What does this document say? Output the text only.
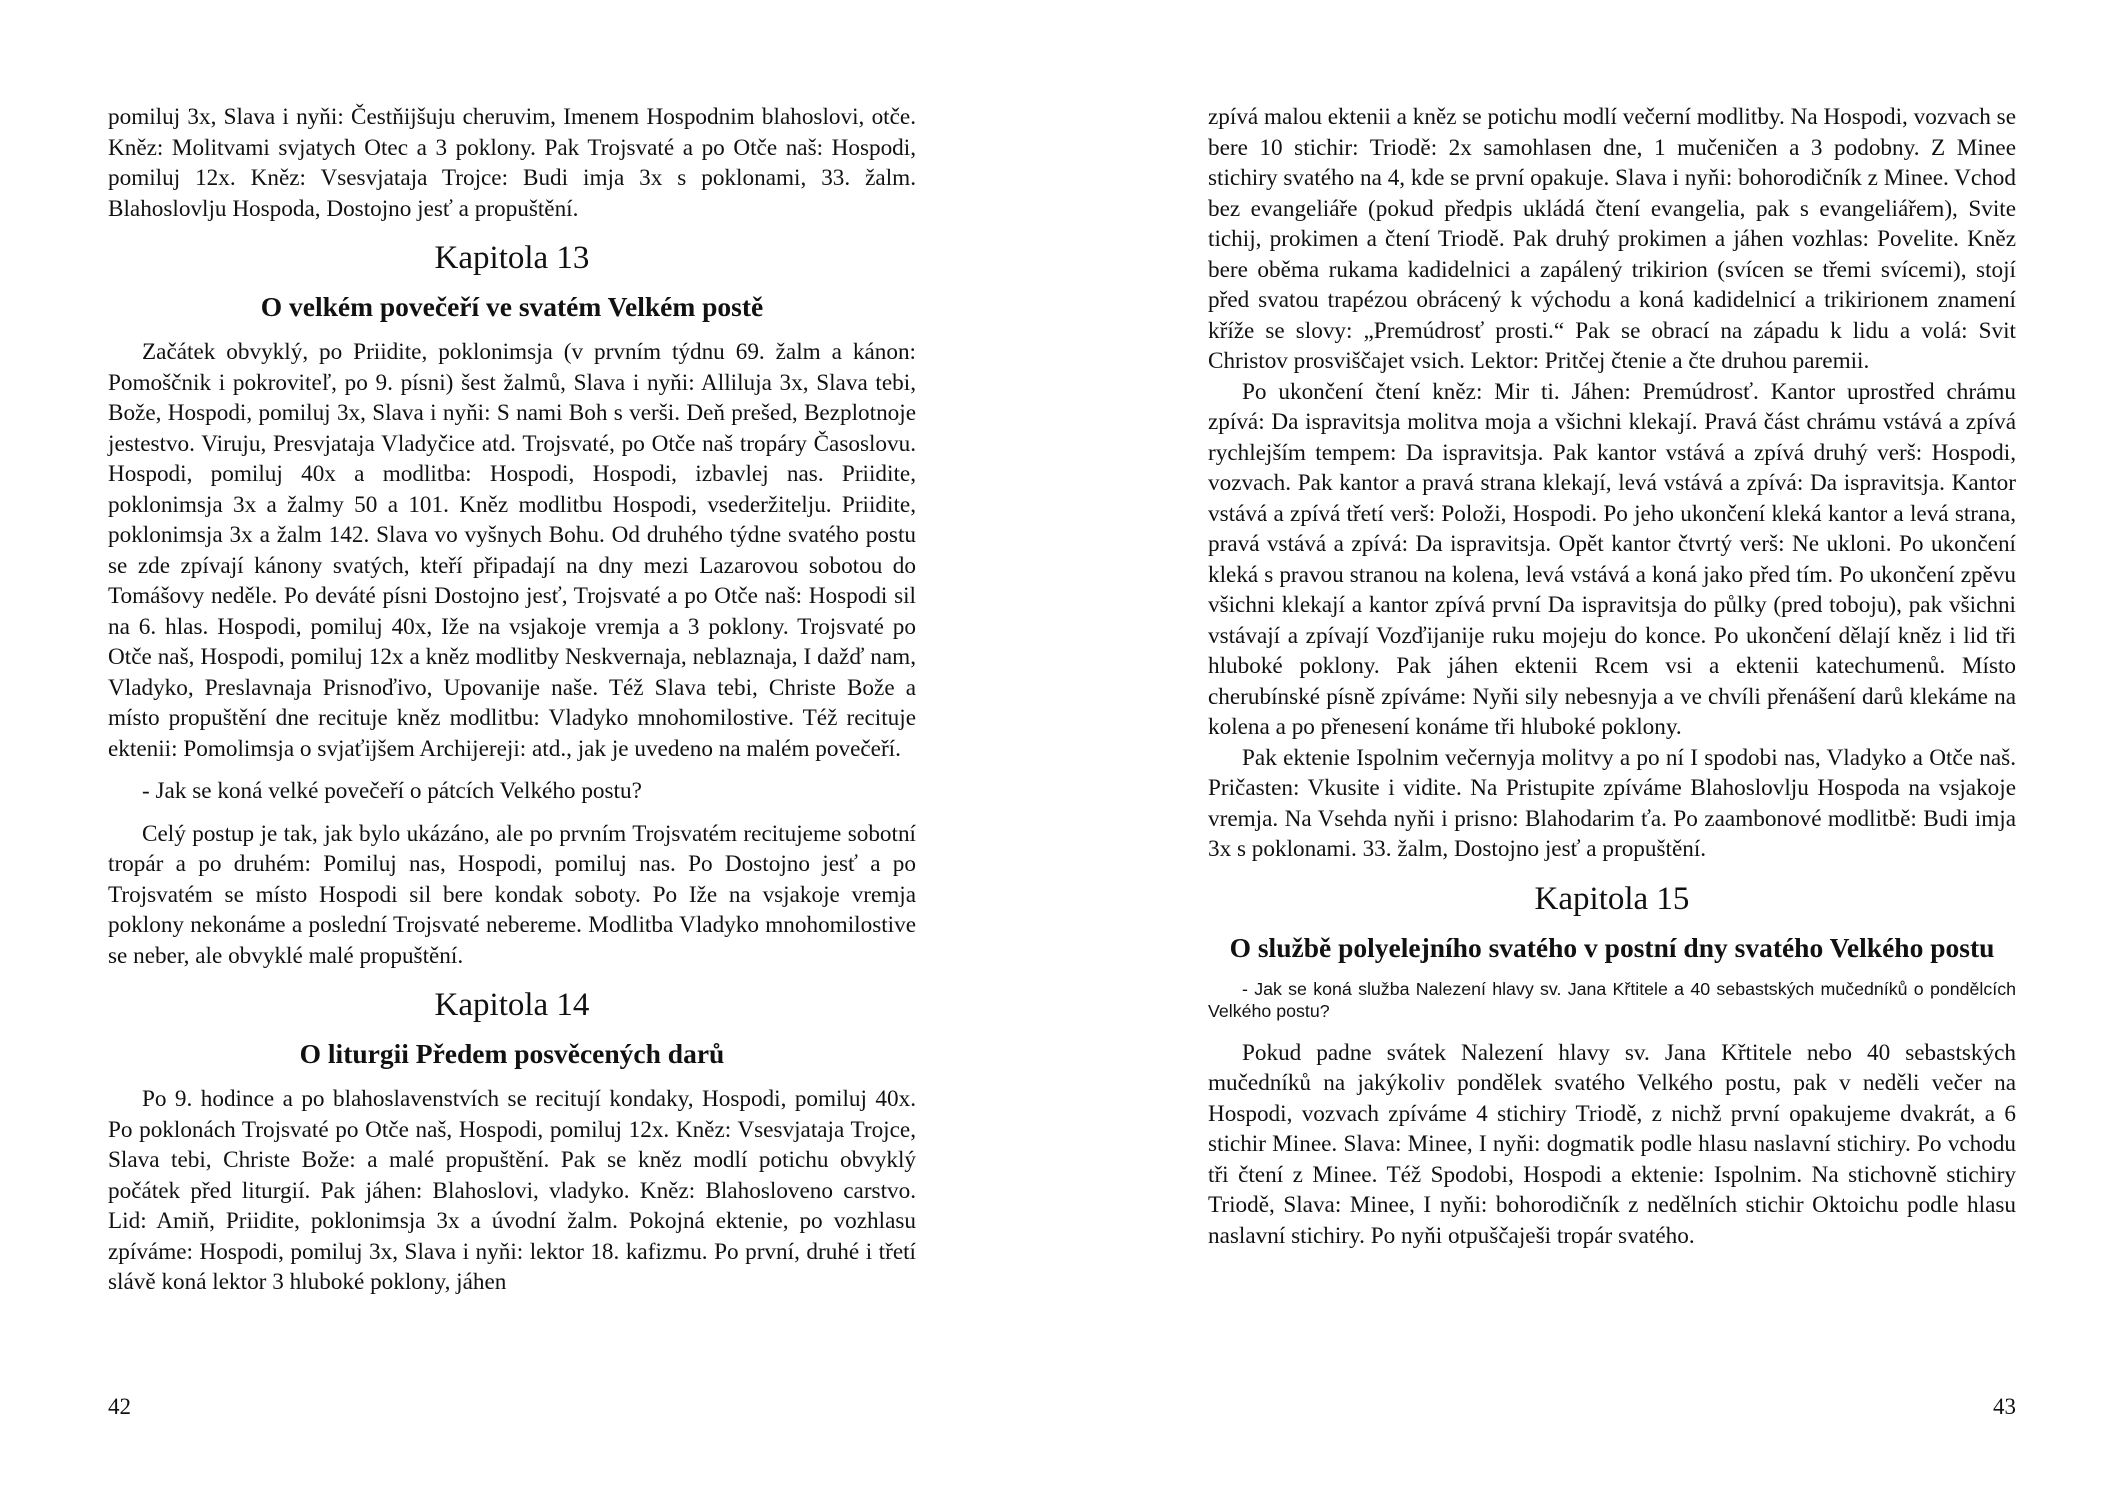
pomiluj 3x, Slava i nyňi: Čestňijšuju cheruvim, Imenem Hospodnim blahoslovi, otče. Kněz: Molitvami svjatych Otec a 3 poklony. Pak Trojsvaté a po Otče naš: Hospodi, pomiluj 12x. Kněz: Vsesvjataja Trojce: Budi imja 3x s poklonami, 33. žalm. Blahoslovlju Hospoda, Dostojno jesť a propuštění.

Kapitola 13
O velkém povečeří ve svatém Velkém postě

Začátek obvyklý, po Priidite, poklonimsja (v prvním týdnu 69. žalm a kánon: Pomoščnik i pokroviteľ, po 9. písni) šest žalmů, Slava i nyňi: Alliluja 3x, Slava tebi, Bože, Hospodi, pomiluj 3x, Slava i nyňi: S nami Boh s verši. Deň prešed, Bezplotnoje jestestvo. Viruju, Presvjataja Vladyčice atd. Trojsvaté, po Otče naš tropáry Časoslovu. Hospodi, pomiluj 40x a modlitba: Hospodi, Hospodi, izbavlej nas. Priidite, poklonimsja 3x a žalmy 50 a 101. Kněz modlitbu Hospodi, vsederžitelju. Priidite, poklonimsja 3x a žalm 142. Slava vo vyšnych Bohu. Od druhého týdne svatého postu se zde zpívají kánony svatých, kteří připadají na dny mezi Lazarovou sobotou do Tomášovy neděle. Po deváté písni Dostojno jesť, Trojsvaté a po Otče naš: Hospodi sil na 6. hlas. Hospodi, pomiluj 40x, Iže na vsjakoje vremja a 3 poklony. Trojsvaté po Otče naš, Hospodi, pomiluj 12x a kněz modlitby Neskvernaja, neblaznaja, I dažď nam, Vladyko, Preslavnaja Prisnoďivo, Upovanije naše. Též Slava tebi, Christe Bože a místo propuštění dne recituje kněz modlitbu: Vladyko mnohomilostive. Též recituje ektenii: Pomolimsja o svjaťijšem Archijereji: atd., jak je uvedeno na malém povečeří.

- Jak se koná velké povečeří o pátcích Velkého postu?

Celý postup je tak, jak bylo ukázáno, ale po prvním Trojsvatém recitujeme sobotní tropár a po druhém: Pomiluj nas, Hospodi, pomiluj nas. Po Dostojno jesť a po Trojsvatém se místo Hospodi sil bere kondak soboty. Po Iže na vsjakoje vremja poklony nekonáme a poslední Trojsvaté nebereme. Modlitba Vladyko mnohomilostive se neber, ale obvyklé malé propuštění.

Kapitola 14
O liturgii Předem posvěcených darů

Po 9. hodince a po blahoslavenstvích se recitují kondaky, Hospodi, pomiluj 40x. Po poklonách Trojsvaté po Otče naš, Hospodi, pomiluj 12x. Kněz: Vsesvjataja Trojce, Slava tebi, Christe Bože: a malé propuštění. Pak se kněz modlí potichu obvyklý počátek před liturgií. Pak jáhen: Blahoslovi, vladyko. Kněz: Blahosloveno carstvo. Lid: Amiň, Priidite, poklonimsja 3x a úvodní žalm. Pokojná ektenie, po vozhlasu zpíváme: Hospodi, pomiluj 3x, Slava i nyňi: lektor 18. kafizmu. Po první, druhé i třetí slávě koná lektor 3 hluboké poklony, jáhen

42

zpívá malou ektenii a kněz se potichu modlí večerní modlitby. Na Hospodi, vozvach se bere 10 stichir: Triodě: 2x samohlasen dne, 1 mučeničen a 3 podobny. Z Minee stichiry svatého na 4, kde se první opakuje. Slava i nyňi: bohorodičník z Minee. Vchod bez evangeliáře (pokud předpis ukládá čtení evangelia, pak s evangeliářem), Svite tichij, prokimen a čtení Triodě. Pak druhý prokimen a jáhen vozhlas: Povelite. Kněz bere oběma rukama kadidelnici a zapálený trikirion (svícen se třemi svícemi), stojí před svatou trapézou obrácený k východu a koná kadidelnicí a trikirionem znamení kříže se slovy: „Premúdrosť prosti.“ Pak se obrací na západu k lidu a volá: Svit Christov prosviščajet vsich. Lektor: Pritčej čtenie a čte druhou paremii.

Po ukončení čtení kněz: Mir ti. Jáhen: Premúdrosť. Kantor uprostřed chrámu zpívá: Da ispravitsja molitva moja a všichni klekají. Pravá část chrámu vstává a zpívá rychlejším tempem: Da ispravitsja. Pak kantor vstává a zpívá druhý verš: Hospodi, vozvach. Pak kantor a pravá strana klekají, levá vstává a zpívá: Da ispravitsja. Kantor vstává a zpívá třetí verš: Položi, Hospodi. Po jeho ukončení kleká kantor a levá strana, pravá vstává a zpívá: Da ispravitsja. Opět kantor čtvrtý verš: Ne ukloni. Po ukončení kleká s pravou stranou na kolena, levá vstává a koná jako před tím. Po ukončení zpěvu všichni klekají a kantor zpívá první Da ispravitsja do půlky (pred toboju), pak všichni vstávají a zpívají Vozďijanije ruku mojeju do konce. Po ukončení dělají kněz i lid tři hluboké poklony. Pak jáhen ektenii Rcem vsi a ektenii katechumenů. Místo cherubínské písně zpíváme: Nyňi sily nebesnyja a ve chvíli přenášení darů klekáme na kolena a po přenesení konáme tři hluboké poklony.

Pak ektenie Ispolnim večernyja molitvy a po ní I spodobi nas, Vladyko a Otče naš. Pričasten: Vkusite i vidite. Na Pristupite zpíváme Blahoslovlju Hospoda na vsjakoje vremja. Na Vsehda nyňi i prisno: Blahodarim ťa. Po zaambonové modlitbě: Budi imja 3x s poklonami. 33. žalm, Dostojno jesť a propuštění.

Kapitola 15
O službě polyelejního svatého v postní dny svatého Velkého postu

- Jak se koná služba Nalezení hlavy sv. Jana Křtitele a 40 sebastských mučedníků o pondělcích Velkého postu?

Pokud padne svátek Nalezení hlavy sv. Jana Křtitele nebo 40 sebastských mučedníků na jakýkoliv pondělek svatého Velkého postu, pak v neděli večer na Hospodi, vozvach zpíváme 4 stichiry Triodě, z nichž první opakujeme dvakrát, a 6 stichir Minee. Slava: Minee, I nyňi: dogmatik podle hlasu naslavní stichiry. Po vchodu tři čtení z Minee. Též Spodobi, Hospodi a ektenie: Ispolnim. Na stichovně stichiry Triodě, Slava: Minee, I nyňi: bohorodičník z nedělních stichir Oktoichu podle hlasu naslavní stichiry. Po nyňi otpuščaješi tropár svatého.

43
